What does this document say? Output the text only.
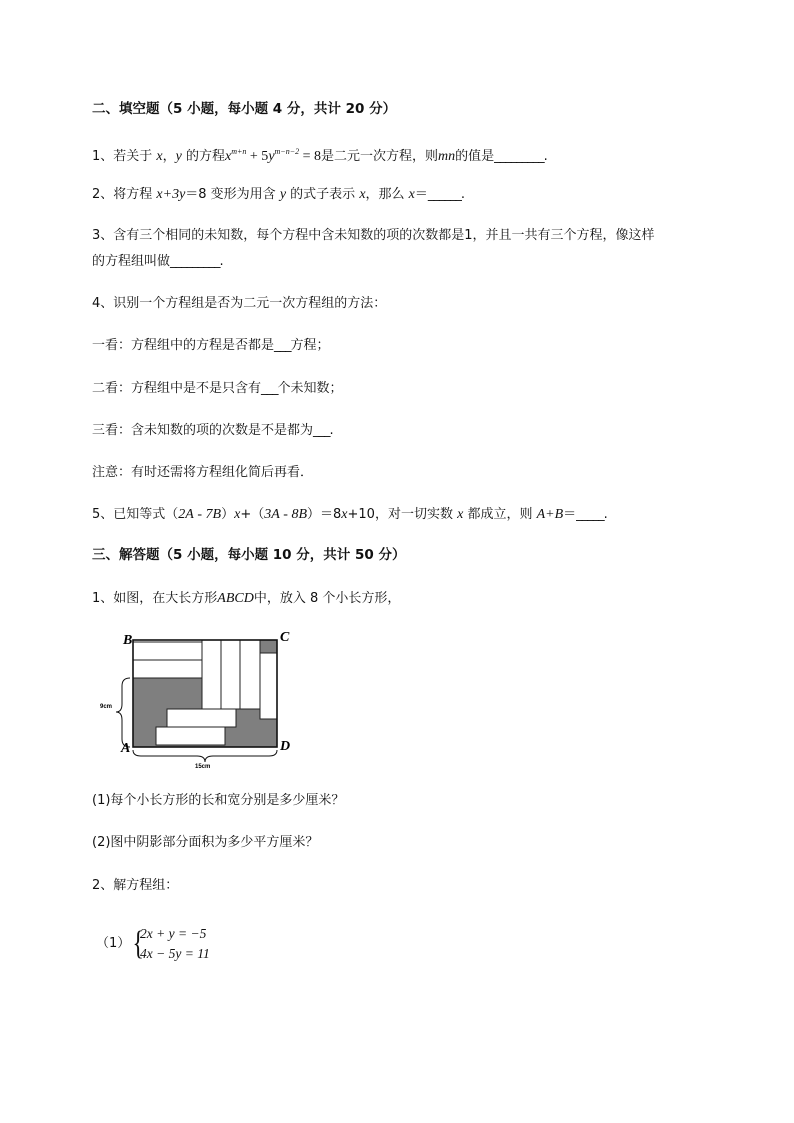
二、填空题（5 小题，每小题 4 分，共计 20 分）
1、若关于 x，y 的方程$x^{m+n} + 5y^{m-n-2} = 8$是二元一次方程，则mn的值是_________.
2、将方程 x+3y＝8 变形为用含 y 的式子表示 x，那么 x＝______.
3、含有三个相同的未知数，每个方程中含未知数的项的次数都是1，并且一共有三个方程，像这样
的方程组叫做_________.
4、识别一个方程组是否为二元一次方程组的方法：
一看：方程组中的方程是否都是___方程；
二看：方程组中是不是只含有___个未知数；
三看：含未知数的项的次数是不是都为___.
注意：有时还需将方程组化简后再看．
5、已知等式（2A - 7B）x+（3A - 8B）＝8x+10，对一切实数 x 都成立，则 A+B＝_____.
三、解答题（5 小题，每小题 10 分，共计 50 分）
1、如图，在大长方形ABCD中，放入 8 个小长方形，
B	C
A	D
9cm
15cm
(1)每个小长方形的长和宽分别是多少厘米？
(2)图中阴影部分面积为多少平方厘米？
2、解方程组：
（1） {
2x + y = −5
4x − 5y = 11
